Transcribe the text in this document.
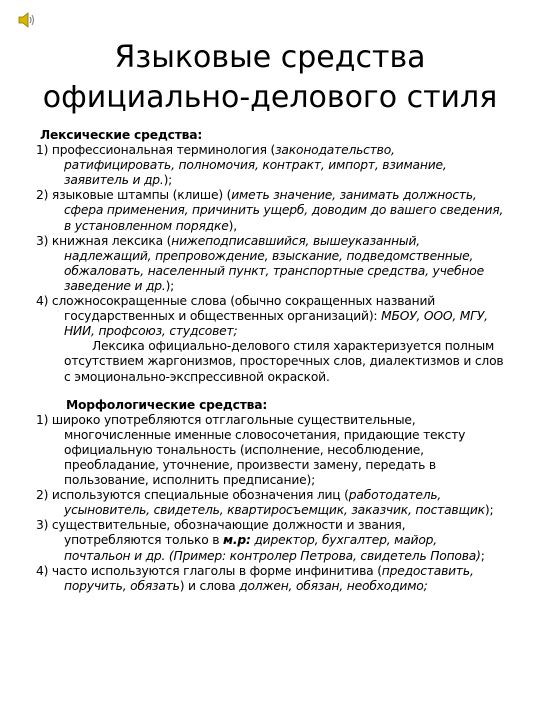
Языковые средства
официально-делового стиля

Лексические средства:

1) профессиональная терминология (законодательство, ратифицировать, полномочия, контракт, импорт, взимание, заявитель и др.);

2) языковые штампы (клише) (иметь значение, занимать должность, сфера применения, причинить ущерб, доводим до вашего сведения, в установленном порядке),

3) книжная лексика (нижеподписавшийся, вышеуказанный, надлежащий, препровождение, взыскание, подведомственные, обжаловать, населенный пункт, транспортные средства, учебное заведение и др.);

4) сложносокращенные слова (обычно сокращенных названий государственных и общественных организаций): МБОУ, ООО, МГУ, НИИ, профсоюз, студсовет;

Лексика официально-делового стиля характеризуется полным отсутствием жаргонизмов, просторечных слов, диалектизмов и слов с эмоционально-экспрессивной окраской.

Морфологические средства:

1) широко употребляются отглагольные существительные, многочисленные именные словосочетания, придающие тексту официальную тональность (исполнение, несоблюдение, преобладание, уточнение, произвести замену, передать в пользование, исполнить предписание);

2) используются специальные обозначения лиц (работодатель, усыновитель, свидетель, квартиросъемщик, заказчик, поставщик);

3) существительные, обозначающие должности и звания, употребляются только в м.р: директор, бухгалтер, майор, почтальон и др. (Пример: контролер Петрова, свидетель Попова);

4) часто используются глаголы в форме инфинитива (предоставить, поручить, обязать) и слова должен, обязан, необходимо;
